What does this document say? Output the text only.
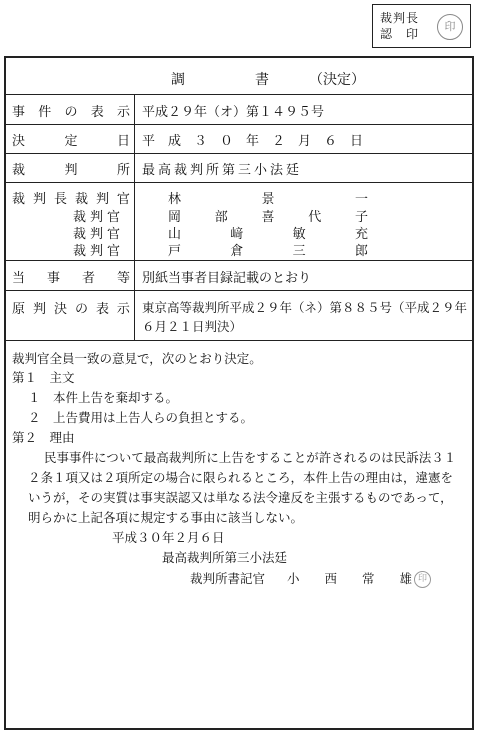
裁判長
認　印
印
調　　　　　書	（決定）
事 件 の 表 示 平成２９年（オ）第１４９５号
決	定	日 平　成　３　０　年　２　月　６　日
裁	判	所 最高裁判所第三小法廷
裁 判 長 裁 判 官	林	景	一
裁判官	岡	部	喜	代	子
裁判官	山	﨑	敏	充
裁判官	戸	倉	三	郎
当 事 者 等 別紙当事者目録記載のとおり
原 判 決 の 表 示 東京高等裁判所平成２９年（ネ）第８８５号（平成２９年
６月２１日判決）
裁判官全員一致の意見で，次のとおり決定。
第１　主文
１　本件上告を棄却する。
２　上告費用は上告人らの負担とする。
第２　理由
民事事件について最高裁判所に上告をすることが許されるのは民訴法３１
２条１項又は２項所定の場合に限られるところ，本件上告の理由は，違憲を
いうが，その実質は事実誤認又は単なる法令違反を主張するものであって，
明らかに上記各項に規定する事由に該当しない。
平成３０年２月６日
最高裁判所第三小法廷
裁判所書記官 小　　西　　常　　雄 印
